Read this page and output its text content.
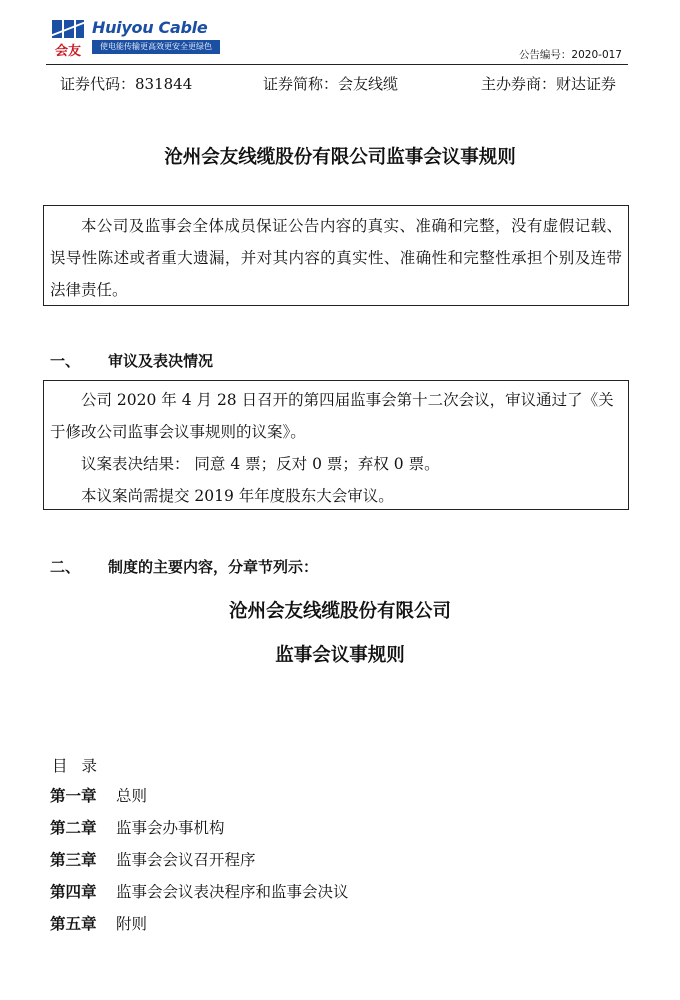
会友
Huiyou Cable
使电能传输更高效更安全更绿色
公告编号：2020-017
证券代码：831844	证券简称：会友线缆	主办券商：财达证券
沧州会友线缆股份有限公司监事会议事规则

本公司及监事会全体成员保证公告内容的真实、准确和完整，没有虚假记载、误导性陈述或者重大遗漏，并对其内容的真实性、准确性和完整性承担个别及连带法律责任。

一、 审议及表决情况

公司 2020 年 4 月 28 日召开的第四届监事会第十二次会议，审议通过了《关于修改公司监事会议事规则的议案》。

议案表决结果： 同意 4 票；反对 0 票；弃权 0 票。

本议案尚需提交 2019 年年度股东大会审议。

二、 制度的主要内容，分章节列示：
沧州会友线缆股份有限公司
监事会议事规则
目录
第一章 总则
第二章 监事会办事机构
第三章 监事会会议召开程序
第四章 监事会会议表决程序和监事会决议
第五章 附则
